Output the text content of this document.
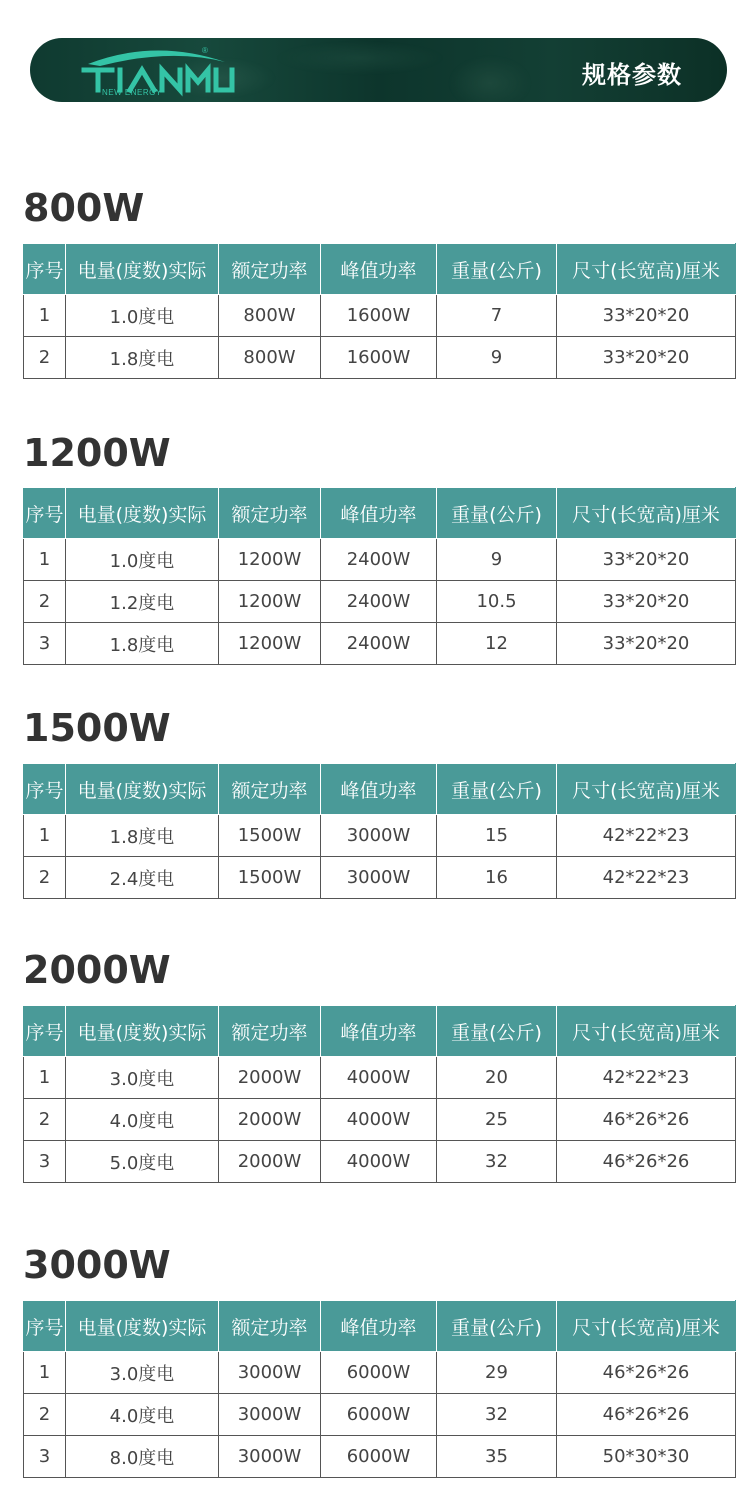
®
NEW ENERGY
规格参数
800W
序号	电量(度数)实际	额定功率	峰值功率	重量(公斤)	尺寸(长宽高)厘米
1	1.0度电	800W	1600W	7	33*20*20
2	1.8度电	800W	1600W	9	33*20*20
1200W
序号	电量(度数)实际	额定功率	峰值功率	重量(公斤)	尺寸(长宽高)厘米
1	1.0度电	1200W	2400W	9	33*20*20
2	1.2度电	1200W	2400W	10.5	33*20*20
3	1.8度电	1200W	2400W	12	33*20*20
1500W
序号	电量(度数)实际	额定功率	峰值功率	重量(公斤)	尺寸(长宽高)厘米
1	1.8度电	1500W	3000W	15	42*22*23
2	2.4度电	1500W	3000W	16	42*22*23
2000W
序号	电量(度数)实际	额定功率	峰值功率	重量(公斤)	尺寸(长宽高)厘米
1	3.0度电	2000W	4000W	20	42*22*23
2	4.0度电	2000W	4000W	25	46*26*26
3	5.0度电	2000W	4000W	32	46*26*26
3000W
序号	电量(度数)实际	额定功率	峰值功率	重量(公斤)	尺寸(长宽高)厘米
1	3.0度电	3000W	6000W	29	46*26*26
2	4.0度电	3000W	6000W	32	46*26*26
3	8.0度电	3000W	6000W	35	50*30*30
